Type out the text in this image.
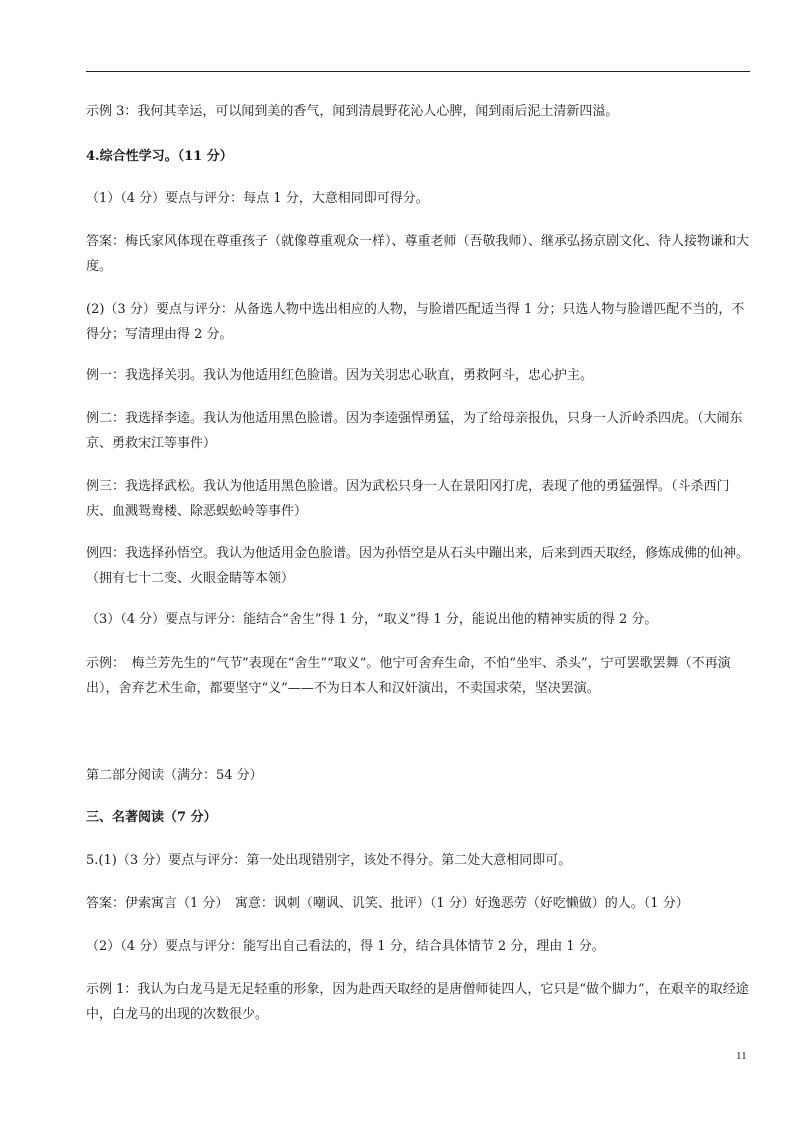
示例 3：我何其幸运，可以闻到美的香气，闻到清晨野花沁人心脾，闻到雨后泥土清新四溢。

4.综合性学习。（11 分）

（1）（4 分）要点与评分：每点 1 分，大意相同即可得分。

答案：梅氏家风体现在尊重孩子（就像尊重观众一样）、尊重老师（吾敬我师）、继承弘扬京剧文化、待人接物谦和大度。

(2)（3 分）要点与评分：从备选人物中选出相应的人物，与脸谱匹配适当得 1 分；只选人物与脸谱匹配不当的，不得分；写清理由得 2 分。

例一：我选择关羽。我认为他适用红色脸谱。因为关羽忠心耿直，勇救阿斗，忠心护主。

例二：我选择李逵。我认为他适用黑色脸谱。因为李逵强悍勇猛，为了给母亲报仇，只身一人沂岭杀四虎。（大闹东京、勇救宋江等事件）

例三：我选择武松。我认为他适用黑色脸谱。因为武松只身一人在景阳冈打虎，表现了他的勇猛强悍。（斗杀西门庆、血溅鸳鸯楼、除恶蜈蚣岭等事件）

例四：我选择孙悟空。我认为他适用金色脸谱。因为孙悟空是从石头中蹦出来，后来到西天取经，修炼成佛的仙神。（拥有七十二变、火眼金睛等本领）

（3）（4 分）要点与评分：能结合“舍生”得 1 分，“取义”得 1 分，能说出他的精神实质的得 2 分。

示例：　梅兰芳先生的“气节”表现在“舍生”“取义”。他宁可舍弃生命，不怕“坐牢、杀头”，宁可罢歌罢舞（不再演出），舍弃艺术生命，都要坚守“义”——不为日本人和汉奸演出，不卖国求荣，坚决罢演。

第二部分阅读（满分：54 分）

三、名著阅读（7 分）

5.(1)（3 分）要点与评分：第一处出现错别字，该处不得分。第二处大意相同即可。

答案：伊索寓言（1 分）　寓意：讽刺（嘲讽、讥笑、批评）（1 分）好逸恶劳（好吃懒做）的人。（1 分）

（2）（4 分）要点与评分：能写出自己看法的，得 1 分，结合具体情节 2 分，理由 1 分。

示例 1：我认为白龙马是无足轻重的形象，因为赴西天取经的是唐僧师徒四人，它只是“做个脚力”，在艰辛的取经途中，白龙马的出现的次数很少。

11
